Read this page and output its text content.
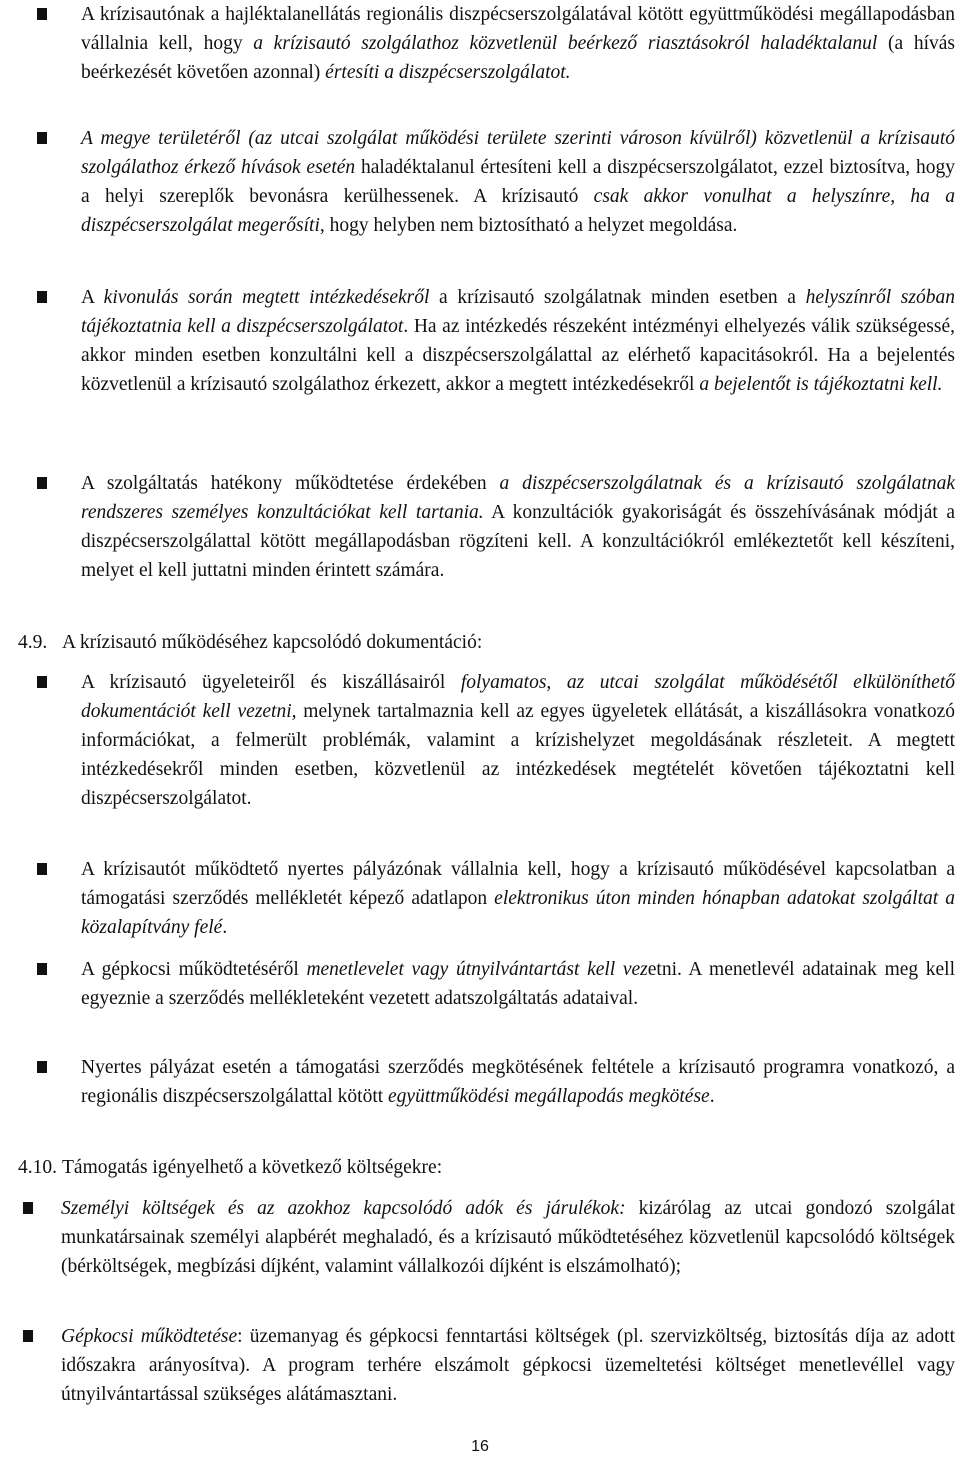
A krízisautónak a hajléktalanellátás regionális diszpécserszolgálatával kötött együttműködési megállapodásban vállalnia kell, hogy a krízisautó szolgálathoz közvetlenül beérkező riasztásokról haladéktalanul (a hívás beérkezését követően azonnal) értesíti a diszpécserszolgálatot.

A megye területéről (az utcai szolgálat működési területe szerinti városon kívülről) közvetlenül a krízisautó szolgálathoz érkező hívások esetén haladéktalanul értesíteni kell a diszpécserszolgálatot, ezzel biztosítva, hogy a helyi szereplők bevonásra kerülhessenek. A krízisautó csak akkor vonulhat a helyszínre, ha a diszpécserszolgálat megerősíti, hogy helyben nem biztosítható a helyzet megoldása.

A kivonulás során megtett intézkedésekről a krízisautó szolgálatnak minden esetben a helyszínről szóban tájékoztatnia kell a diszpécserszolgálatot. Ha az intézkedés részeként intézményi elhelyezés válik szükségessé, akkor minden esetben konzultálni kell a diszpécserszolgálattal az elérhető kapacitásokról. Ha a bejelentés közvetlenül a krízisautó szolgálathoz érkezett, akkor a megtett intézkedésekről a bejelentőt is tájékoztatni kell.

A szolgáltatás hatékony működtetése érdekében a diszpécserszolgálatnak és a krízisautó szolgálatnak rendszeres személyes konzultációkat kell tartania. A konzultációk gyakoriságát és összehívásának módját a diszpécserszolgálattal kötött megállapodásban rögzíteni kell. A konzultációkról emlékeztetőt kell készíteni, melyet el kell juttatni minden érintett számára.

4.9. A krízisautó működéséhez kapcsolódó dokumentáció:

A krízisautó ügyeleteiről és kiszállásairól folyamatos, az utcai szolgálat működésétől elkülöníthető dokumentációt kell vezetni, melynek tartalmaznia kell az egyes ügyeletek ellátását, a kiszállásokra vonatkozó információkat, a felmerült problémák, valamint a krízishelyzet megoldásának részleteit. A megtett intézkedésekről minden esetben, közvetlenül az intézkedések megtételét követően tájékoztatni kell diszpécserszolgálatot.

A krízisautót működtető nyertes pályázónak vállalnia kell, hogy a krízisautó működésével kapcsolatban a támogatási szerződés mellékletét képező adatlapon elektronikus úton minden hónapban adatokat szolgáltat a közalapítvány felé.

A gépkocsi működtetéséről menetlevelet vagy útnyilvántartást kell vezetni. A menetlevél adatainak meg kell egyeznie a szerződés mellékleteként vezetett adatszolgáltatás adataival.

Nyertes pályázat esetén a támogatási szerződés megkötésének feltétele a krízisautó programra vonatkozó, a regionális diszpécserszolgálattal kötött együttműködési megállapodás megkötése.

4.10. Támogatás igényelhető a következő költségekre:

Személyi költségek és az azokhoz kapcsolódó adók és járulékok: kizárólag az utcai gondozó szolgálat munkatársainak személyi alapbérét meghaladó, és a krízisautó működtetéséhez közvetlenül kapcsolódó költségek (bérköltségek, megbízási díjként, valamint vállalkozói díjként is elszámolható);

Gépkocsi működtetése: üzemanyag és gépkocsi fenntartási költségek (pl. szervizköltség, biztosítás díja az adott időszakra arányosítva). A program terhére elszámolt gépkocsi üzemeltetési költséget menetlevéllel vagy útnyilvántartással szükséges alátámasztani.

16
